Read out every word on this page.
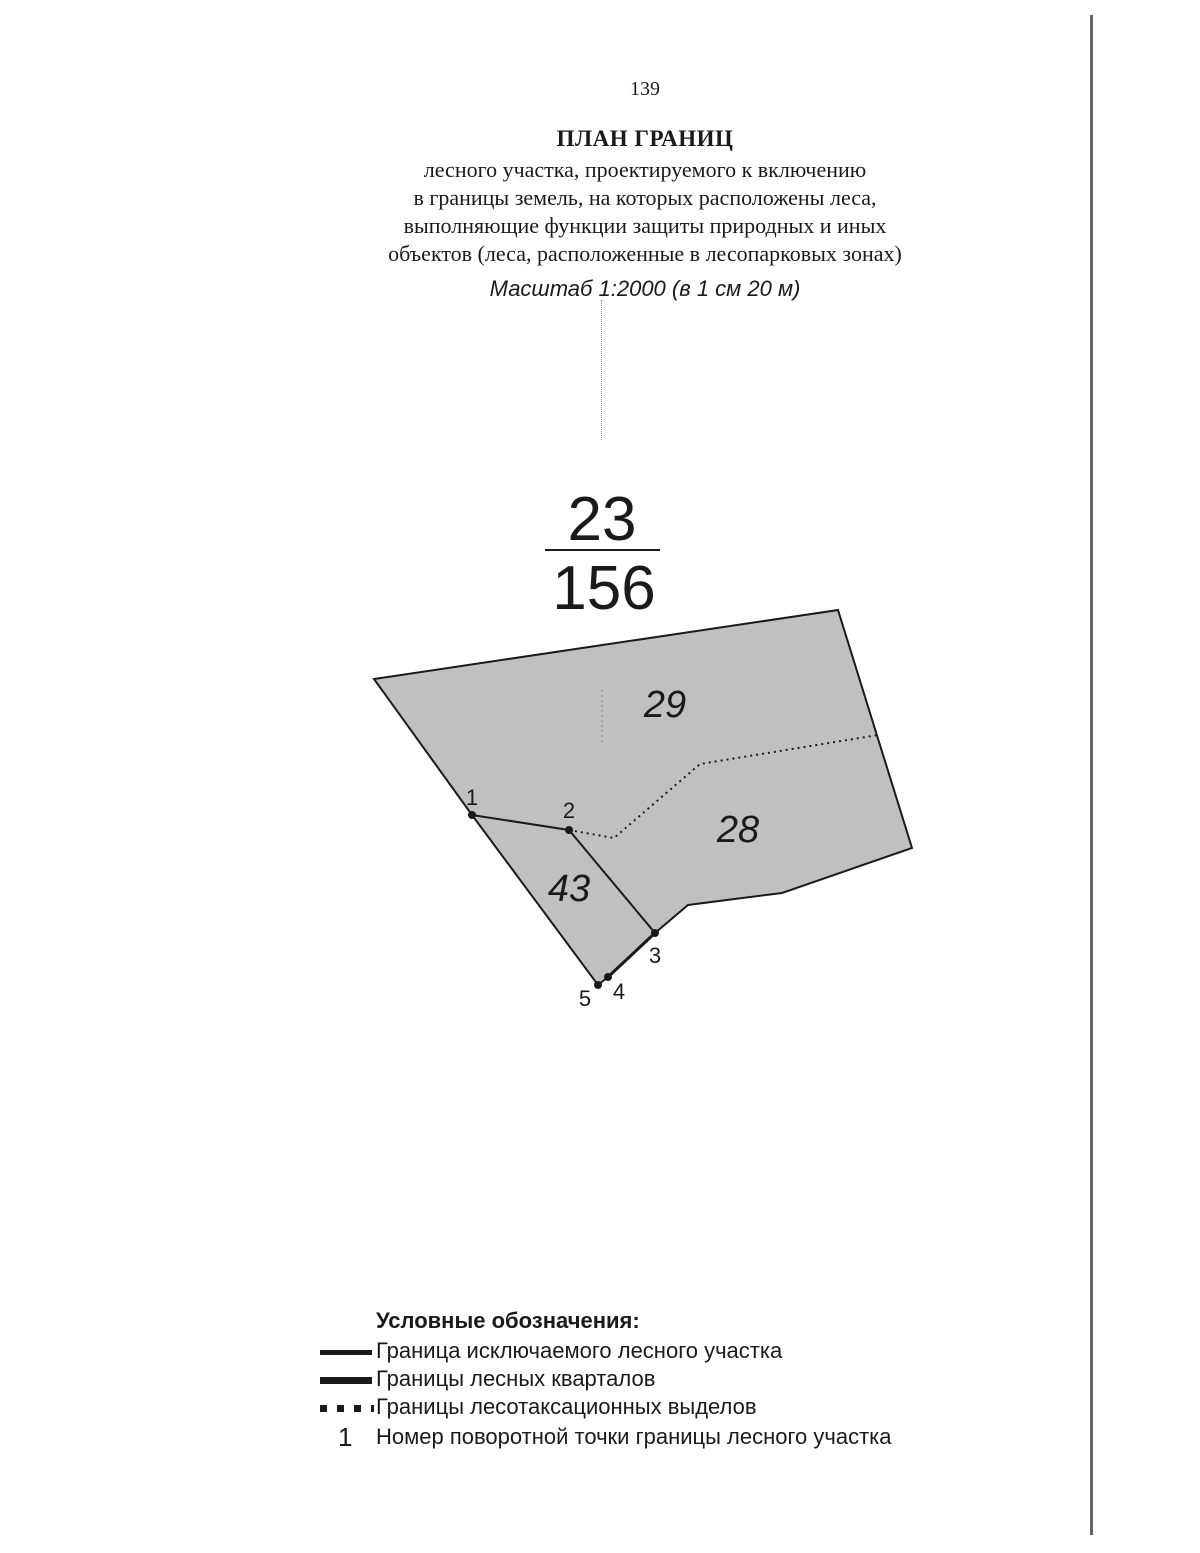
139
ПЛАН ГРАНИЦ
лесного участка, проектируемого к включению
в границы земель, на которых расположены леса,
выполняющие функции защиты природных и иных
объектов (леса, расположенные в лесопарковых зонах)
Масштаб 1:2000 (в 1 см 20 м)
23
156
29
28
43
1
2
3
4
5
Условные обозначения:
Граница исключаемого лесного участка
Границы лесных кварталов
Границы лесотаксационных выделов
1 Номер поворотной точки границы лесного участка
